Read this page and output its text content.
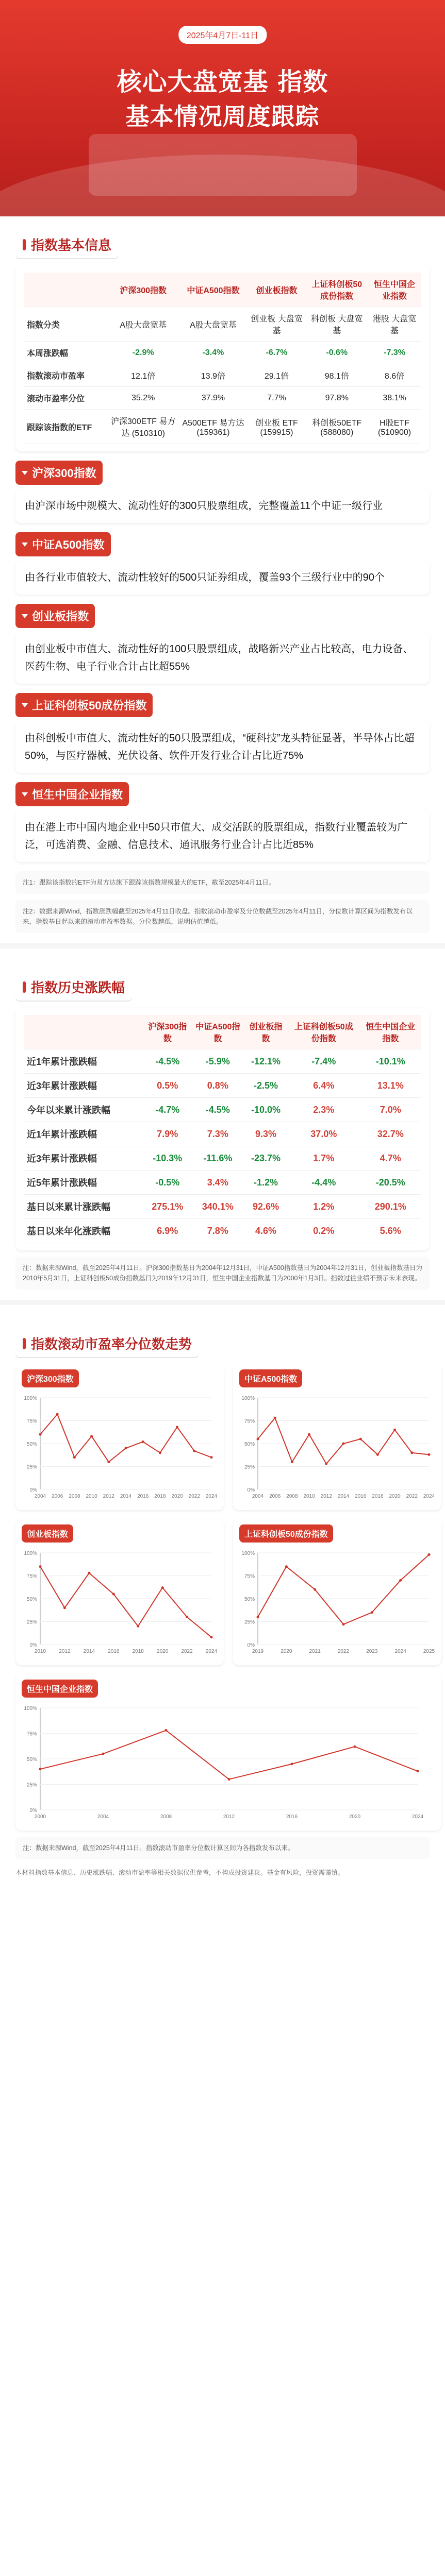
2025年4月7日-11日
核心大盘宽基 指数
基本情况周度跟踪
指数基本信息
	沪深300指数	中证A500指数	创业板指数	上证科创板50成份指数	恒生中国企业指数
指数分类	A股大盘宽基	A股大盘宽基	创业板 大盘宽基	科创板 大盘宽基	港股 大盘宽基
本周涨跌幅	-2.9%	-3.4%	-6.7%	-0.6%	-7.3%
指数滚动市盈率	12.1倍	13.9倍	29.1倍	98.1倍	8.6倍
滚动市盈率分位	35.2%	37.9%	7.7%	97.8%	38.1%
跟踪该指数的ETF	沪深300ETF 易方达 (510310)	A500ETF 易方达 (159361)	创业板 ETF (159915)	科创板50ETF (588080)	H股ETF (510900)
沪深300指数
由沪深市场中规模大、流动性好的300只股票组成，完整覆盖11个中证一级行业
中证A500指数
由各行业市值较大、流动性较好的500只证券组成，覆盖93个三级行业中的90个
创业板指数
由创业板中市值大、流动性好的100只股票组成，战略新兴产业占比较高，电力设备、医药生物、电子行业合计占比超55%
上证科创板50成份指数
由科创板中市值大、流动性好的50只股票组成，“硬科技”龙头特征显著，半导体占比超50%，与医疗器械、光伏设备、软件开发行业合计占比近75%
恒生中国企业指数
由在港上市中国内地企业中50只市值大、成交活跃的股票组成，指数行业覆盖较为广泛，可选消费、金融、信息技术、通讯服务行业合计占比近85%
注1：跟踪该指数的ETF为易方达旗下跟踪该指数规模最大的ETF，截至2025年4月11日。
注2：数据来源Wind，指数涨跌幅截至2025年4月11日收盘。指数滚动市盈率及分位数截至2025年4月11日，分位数计算区间为指数发布以来，指数基日起以来的滚动市盈率数据。分位数越低，说明估值越低。
指数历史涨跌幅
	沪深300指数	中证A500指数	创业板指数	上证科创板50成份指数	恒生中国企业指数
近1年累计涨跌幅	-4.5%	-5.9%	-12.1%	-7.4%	-10.1%
近3年累计涨跌幅	0.5%	0.8%	-2.5%	6.4%	13.1%
今年以来累计涨跌幅	-4.7%	-4.5%	-10.0%	2.3%	7.0%
近1年累计涨跌幅	7.9%	7.3%	9.3%	37.0%	32.7%
近3年累计涨跌幅	-10.3%	-11.6%	-23.7%	1.7%	4.7%
近5年累计涨跌幅	-0.5%	3.4%	-1.2%	-4.4%	-20.5%
基日以来累计涨跌幅	275.1%	340.1%	92.6%	1.2%	290.1%
基日以来年化涨跌幅	6.9%	7.8%	4.6%	0.2%	5.6%
注：数据来源Wind，截至2025年4月11日。沪深300指数基日为2004年12月31日，中证A500指数基日为2004年12月31日，创业板指数基日为2010年5月31日，上证科创板50成份指数基日为2019年12月31日，恒生中国企业指数基日为2000年1月3日。指数过往业绩不预示未来表现。
指数滚动市盈率分位数走势
沪深300指数
0%
25%
50%
75%
100%
2004 2006 2008 2010 2012 2014 2016 2018 2020 2022 2024
中证A500指数
0%
25%
50%
75%
100%
2004 2006 2008 2010 2012 2014 2016 2018 2020 2022 2024
创业板指数
0%
25%
50%
75%
100%
2010	2012	2014	2016	2018	2020	2022	2024
上证科创板50成份指数
0%
25%
50%
75%
100%
2019	2020	2021	2022	2023	2024	2025
恒生中国企业指数
0%
25%
50%
75%
100%
2000	2004	2008	2012	2016	2020	2024
注：数据来源Wind，截至2025年4月11日。指数滚动市盈率分位数计算区间为各指数发布以来。
本材料指数基本信息、历史涨跌幅、滚动市盈率等相关数据仅供参考，不构成投资建议。基金有风险，投资需谨慎。
